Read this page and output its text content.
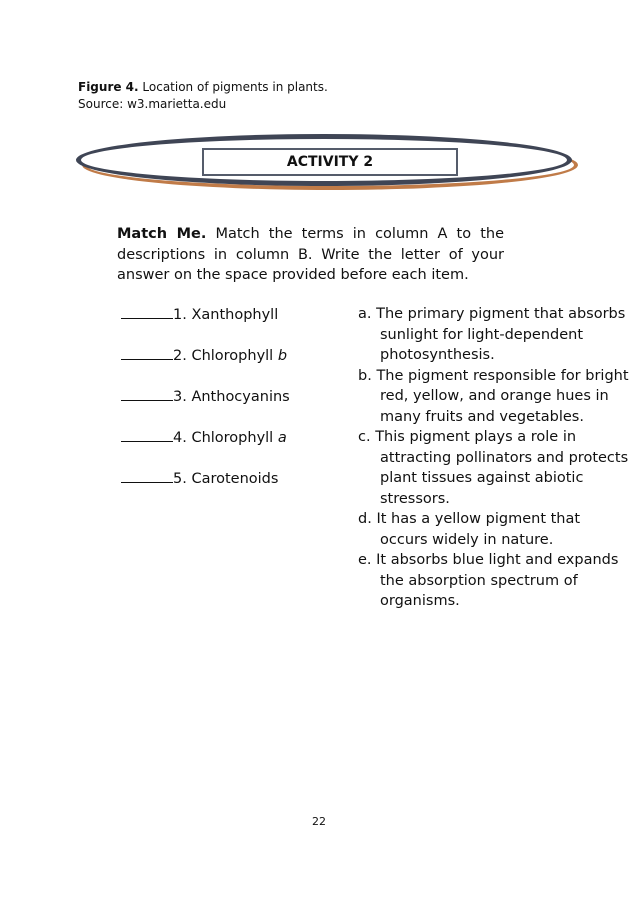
Figure 4. Location of pigments in plants.
Source: w3.marietta.edu
ACTIVITY 2

Match Me. Match the terms in column A to the descriptions in column B. Write the letter of your answer on the space provided before each item.

1. Xanthophyll
2. Chlorophyll b
3. Anthocyanins
4. Chlorophyll a
5. Carotenoids
a. The primary pigment that absorbs sunlight for light-dependent photosynthesis.
b. The pigment responsible for bright red, yellow, and orange hues in many fruits and vegetables.
c. This pigment plays a role in attracting pollinators and protects plant tissues against abiotic stressors.
d. It has a yellow pigment that occurs widely in nature.
e. It absorbs blue light and expands the absorption spectrum of organisms.
22
